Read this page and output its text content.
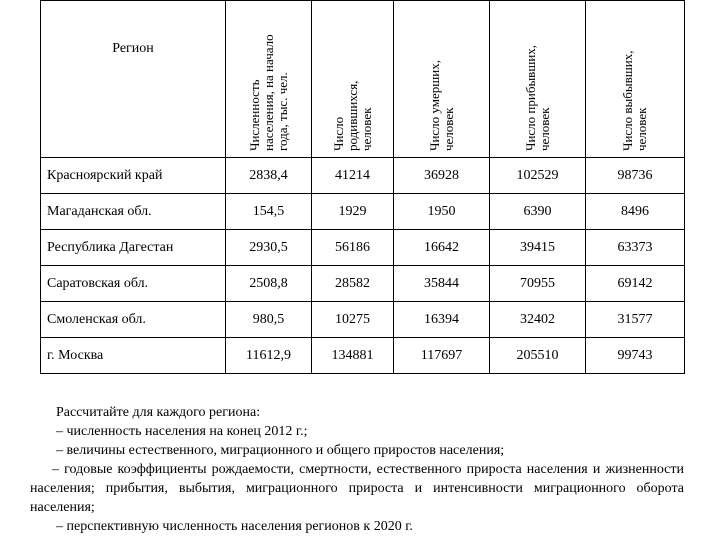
Регион	Численность
населения, на начало
года, тыс. чел.	Число
родившихся,
человек	Число умерших,
человек	Число прибывших,
человек	Число выбывших,
человек

Красноярский край	2838,4	41214	36928	102529	98736
Магаданская обл.	154,5	1929	1950	6390	8496
Республика Дагестан	2930,5	56186	16642	39415	63373
Саратовская обл.	2508,8	28582	35844	70955	69142
Смоленская обл.	980,5	10275	16394	32402	31577
г. Москва	11612,9	134881	117697	205510	99743

Рассчитайте для каждого региона:

– численность населения на конец 2012 г.;

– величины естественного, миграционного и общего приростов населения;

– годовые коэффициенты рождаемости, смертности, естественного прироста населения и жизненности населения; прибытия, выбытия, миграционного прироста и интенсивности миграционного оборота населения;

– перспективную численность населения регионов к 2020 г.
